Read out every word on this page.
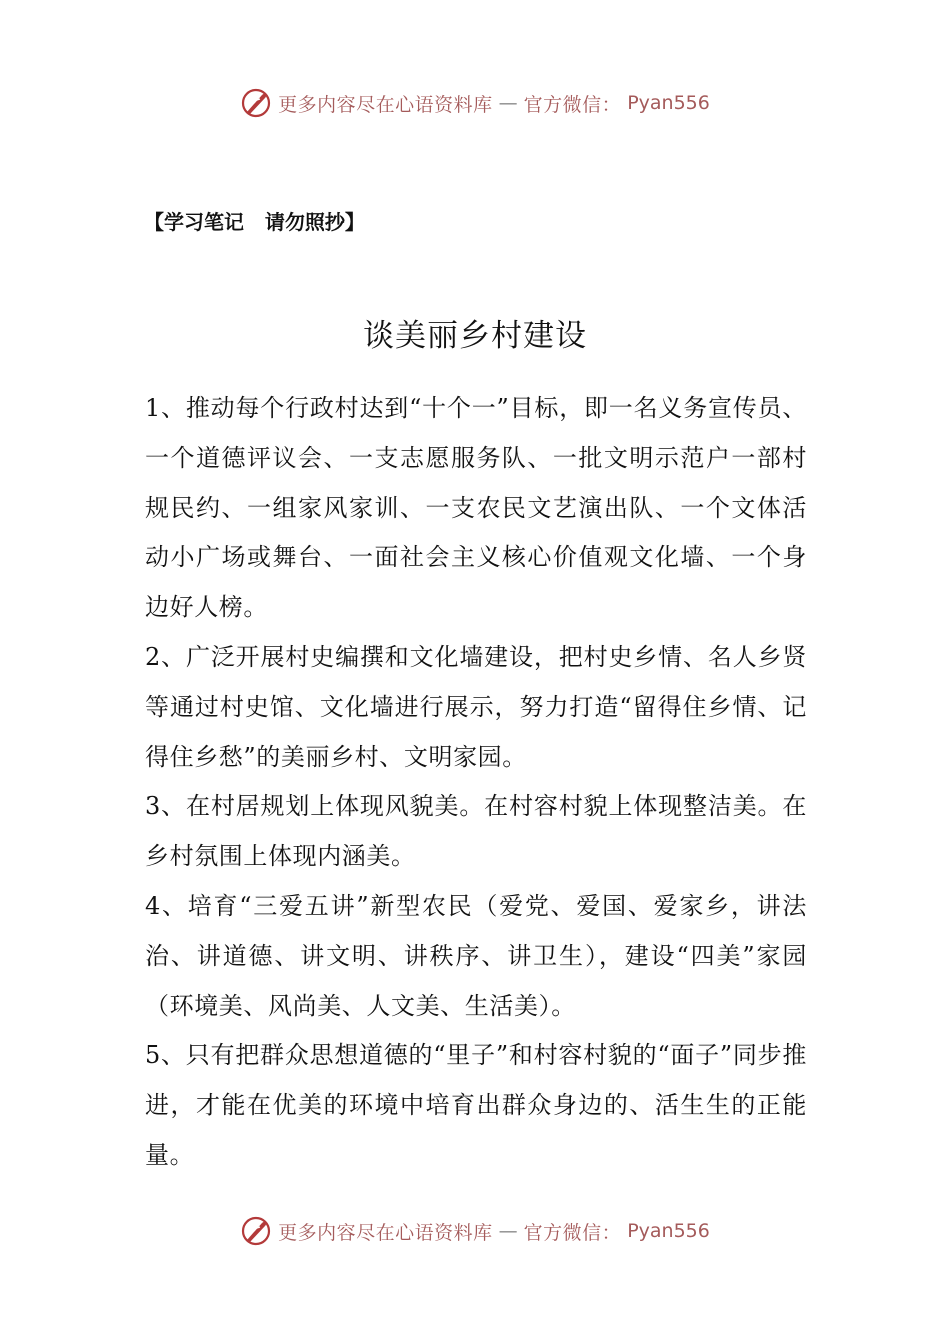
更多内容尽在心语资料库 — 官方微信： Pyan556
【学习笔记   请勿照抄】
谈美丽乡村建设

1、推动每个行政村达到“十个一”目标，即一名义务宣传员、一个道德评议会、一支志愿服务队、一批文明示范户一部村规民约、一组家风家训、一支农民文艺演出队、一个文体活动小广场或舞台、一面社会主义核心价值观文化墙、一个身边好人榜。

2、广泛开展村史编撰和文化墙建设，把村史乡情、名人乡贤等通过村史馆、文化墙进行展示，努力打造“留得住乡情、记得住乡愁”的美丽乡村、文明家园。

3、在村居规划上体现风貌美。在村容村貌上体现整洁美。在乡村氛围上体现内涵美。

4、培育“三爱五讲”新型农民（爱党、爱国、爱家乡，讲法治、讲道德、讲文明、讲秩序、讲卫生），建设“四美”家园（环境美、风尚美、人文美、生活美）。

5、只有把群众思想道德的“里子”和村容村貌的“面子”同步推进，才能在优美的环境中培育出群众身边的、活生生的正能量。

更多内容尽在心语资料库 — 官方微信： Pyan556
